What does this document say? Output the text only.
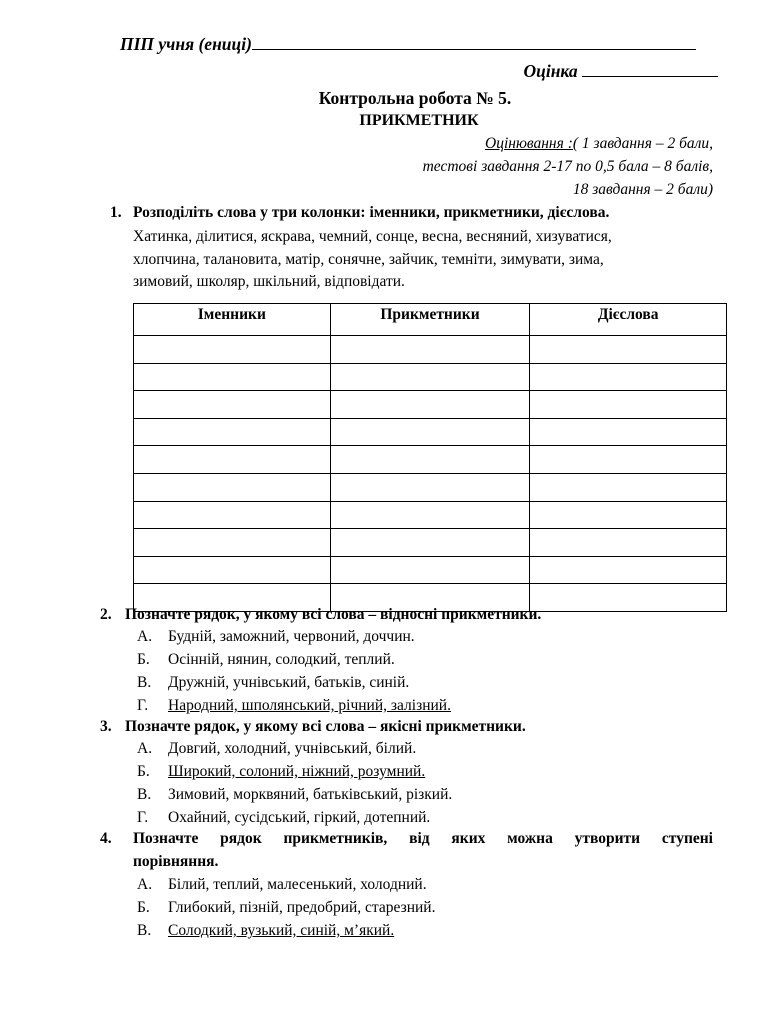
ПІП учня (ениці)
Оцінка
Контрольна робота № 5.
ПРИКМЕТНИК
Оцінювання :( 1 завдання – 2 бали,
тестові завдання 2-17 по 0,5 бала – 8 балів,
18 завдання – 2 бали)
1. Розподіліть слова у три колонки: іменники, прикметники, дієслова.
Хатинка, ділитися, яскрава, чемний, сонце, весна, весняний, хизуватися,
хлопчина, талановита, матір, сонячне, зайчик, темніти, зимувати, зима,
зимовий, школяр, шкільний, відповідати.
Іменники	Прикметники	Дієслова

2. Позначте рядок, у якому всі слова – відносні прикметники.
А. Будній, заможний, червоний, доччин.
Б. Осінній, нянин, солодкий, теплий.
В. Дружній, учнівський, батьків, синій.
Г. Народний, шполянський, річний, залізний.
3. Позначте рядок, у якому всі слова – якісні прикметники.
А. Довгий, холодний, учнівський, білий.
Б. Широкий, солоний, ніжний, розумний.
В. Зимовий, морквяний, батьківський, різкий.
Г. Охайний, сусідський, гіркий, дотепний.
4. Позначте рядок прикметників, від яких можна утворити ступені
порівняння.
А. Білий, теплий, малесенький, холодний.
Б. Глибокий, пізній, предобрий, старезний.
В. Солодкий, вузький, синій, м’який.
